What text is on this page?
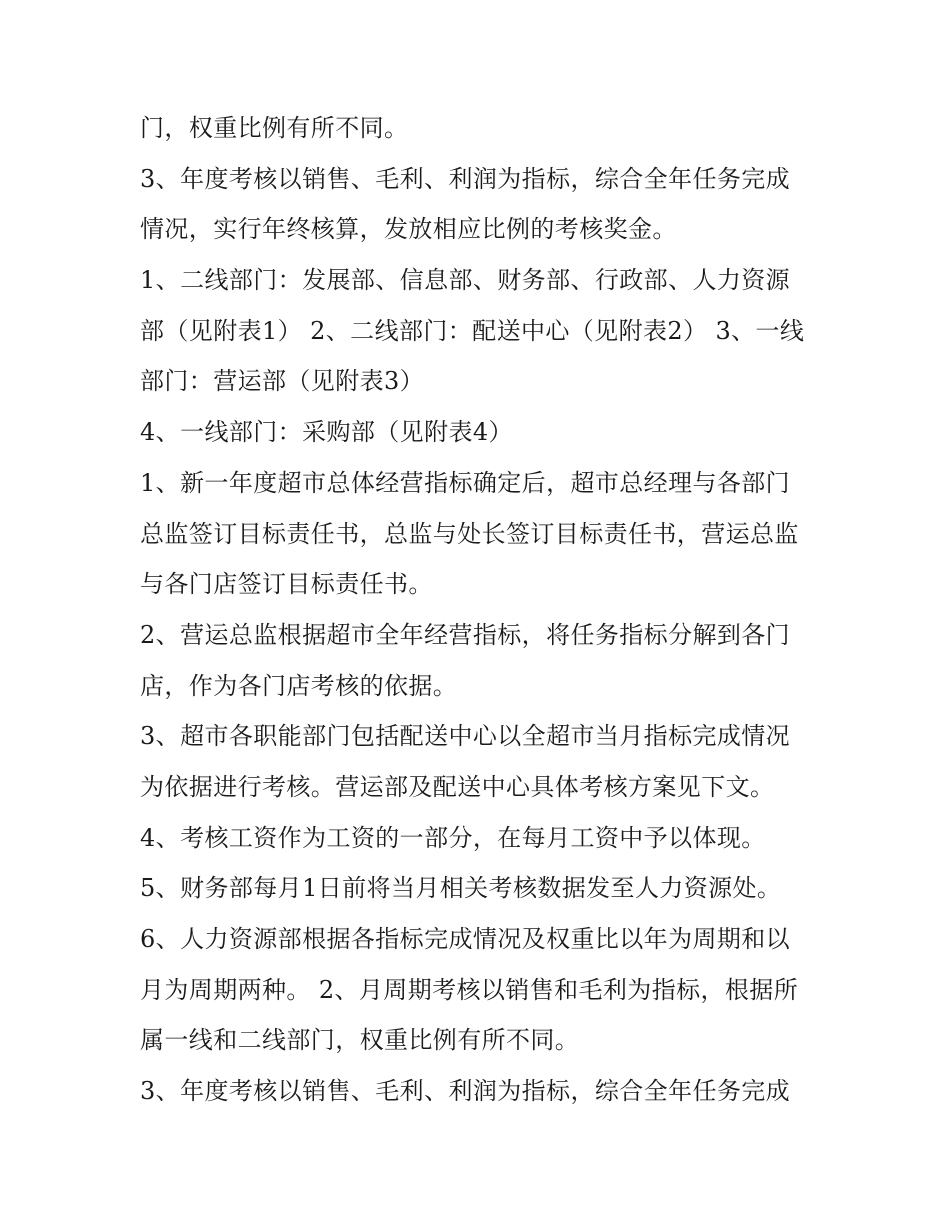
门，权重比例有所不同。
3、年度考核以销售、毛利、利润为指标，综合全年任务完成
情况，实行年终核算，发放相应比例的考核奖金。
1、二线部门：发展部、信息部、财务部、行政部、人力资源
部（见附表1） 2、二线部门：配送中心（见附表2） 3、一线
部门：营运部（见附表3）
4、一线部门：采购部（见附表4）
1、新一年度超市总体经营指标确定后，超市总经理与各部门
总监签订目标责任书，总监与处长签订目标责任书，营运总监
与各门店签订目标责任书。
2、营运总监根据超市全年经营指标，将任务指标分解到各门
店，作为各门店考核的依据。
3、超市各职能部门包括配送中心以全超市当月指标完成情况
为依据进行考核。营运部及配送中心具体考核方案见下文。
4、考核工资作为工资的一部分，在每月工资中予以体现。
5、财务部每月1日前将当月相关考核数据发至人力资源处。
6、人力资源部根据各指标完成情况及权重比以年为周期和以
月为周期两种。 2、月周期考核以销售和毛利为指标，根据所
属一线和二线部门，权重比例有所不同。
3、年度考核以销售、毛利、利润为指标，综合全年任务完成
